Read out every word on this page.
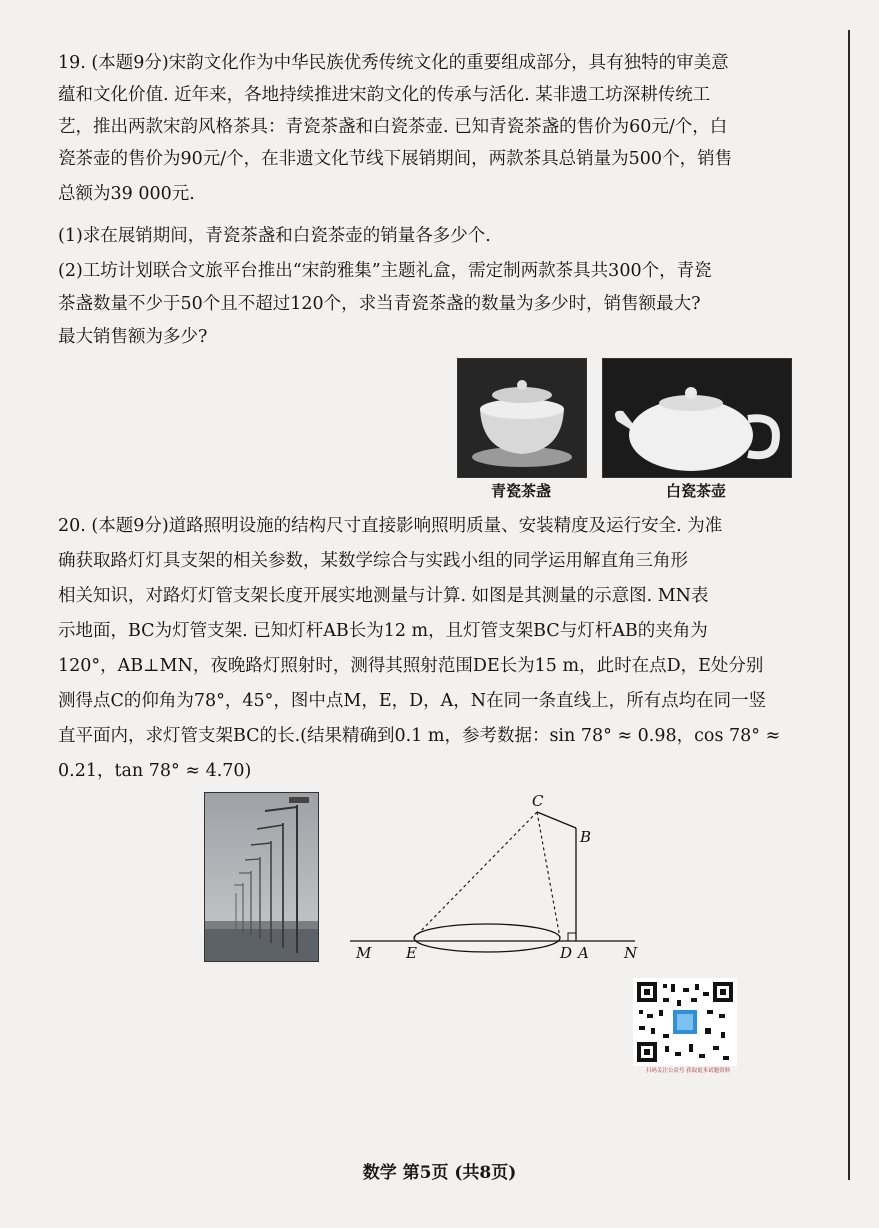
19. (本题9分)宋韵文化作为中华民族优秀传统文化的重要组成部分，具有独特的审美意
蕴和文化价值. 近年来，各地持续推进宋韵文化的传承与活化. 某非遗工坊深耕传统工
艺，推出两款宋韵风格茶具：青瓷茶盏和白瓷茶壶. 已知青瓷茶盏的售价为60元/个，白
瓷茶壶的售价为90元/个，在非遗文化节线下展销期间，两款茶具总销量为500个，销售
总额为39 000元.
(1)求在展销期间，青瓷茶盏和白瓷茶壶的销量各多少个.
(2)工坊计划联合文旅平台推出“宋韵雅集”主题礼盒，需定制两款茶具共300个，青瓷
茶盏数量不少于50个且不超过120个，求当青瓷茶盏的数量为多少时，销售额最大?
最大销售额为多少?
青瓷茶盏	白瓷茶壶
20. (本题9分)道路照明设施的结构尺寸直接影响照明质量、安装精度及运行安全. 为准
确获取路灯灯具支架的相关参数，某数学综合与实践小组的同学运用解直角三角形
相关知识，对路灯灯管支架长度开展实地测量与计算. 如图是其测量的示意图. MN表
示地面，BC为灯管支架. 已知灯杆AB长为12 m，且灯管支架BC与灯杆AB的夹角为
120°，AB⊥MN，夜晚路灯照射时，测得其照射范围DE长为15 m，此时在点D，E处分别
测得点C的仰角为78°，45°，图中点M，E，D，A，N在同一条直线上，所有点均在同一竖
直平面内，求灯管支架BC的长.(结果精确到0.1 m，参考数据：sin 78° ≈ 0.98，cos 78° ≈
0.21，tan 78° ≈ 4.70)
C
B
M E	D A N
扫码关注公众号 获取更多试题资料
数学 第5页 (共8页)
